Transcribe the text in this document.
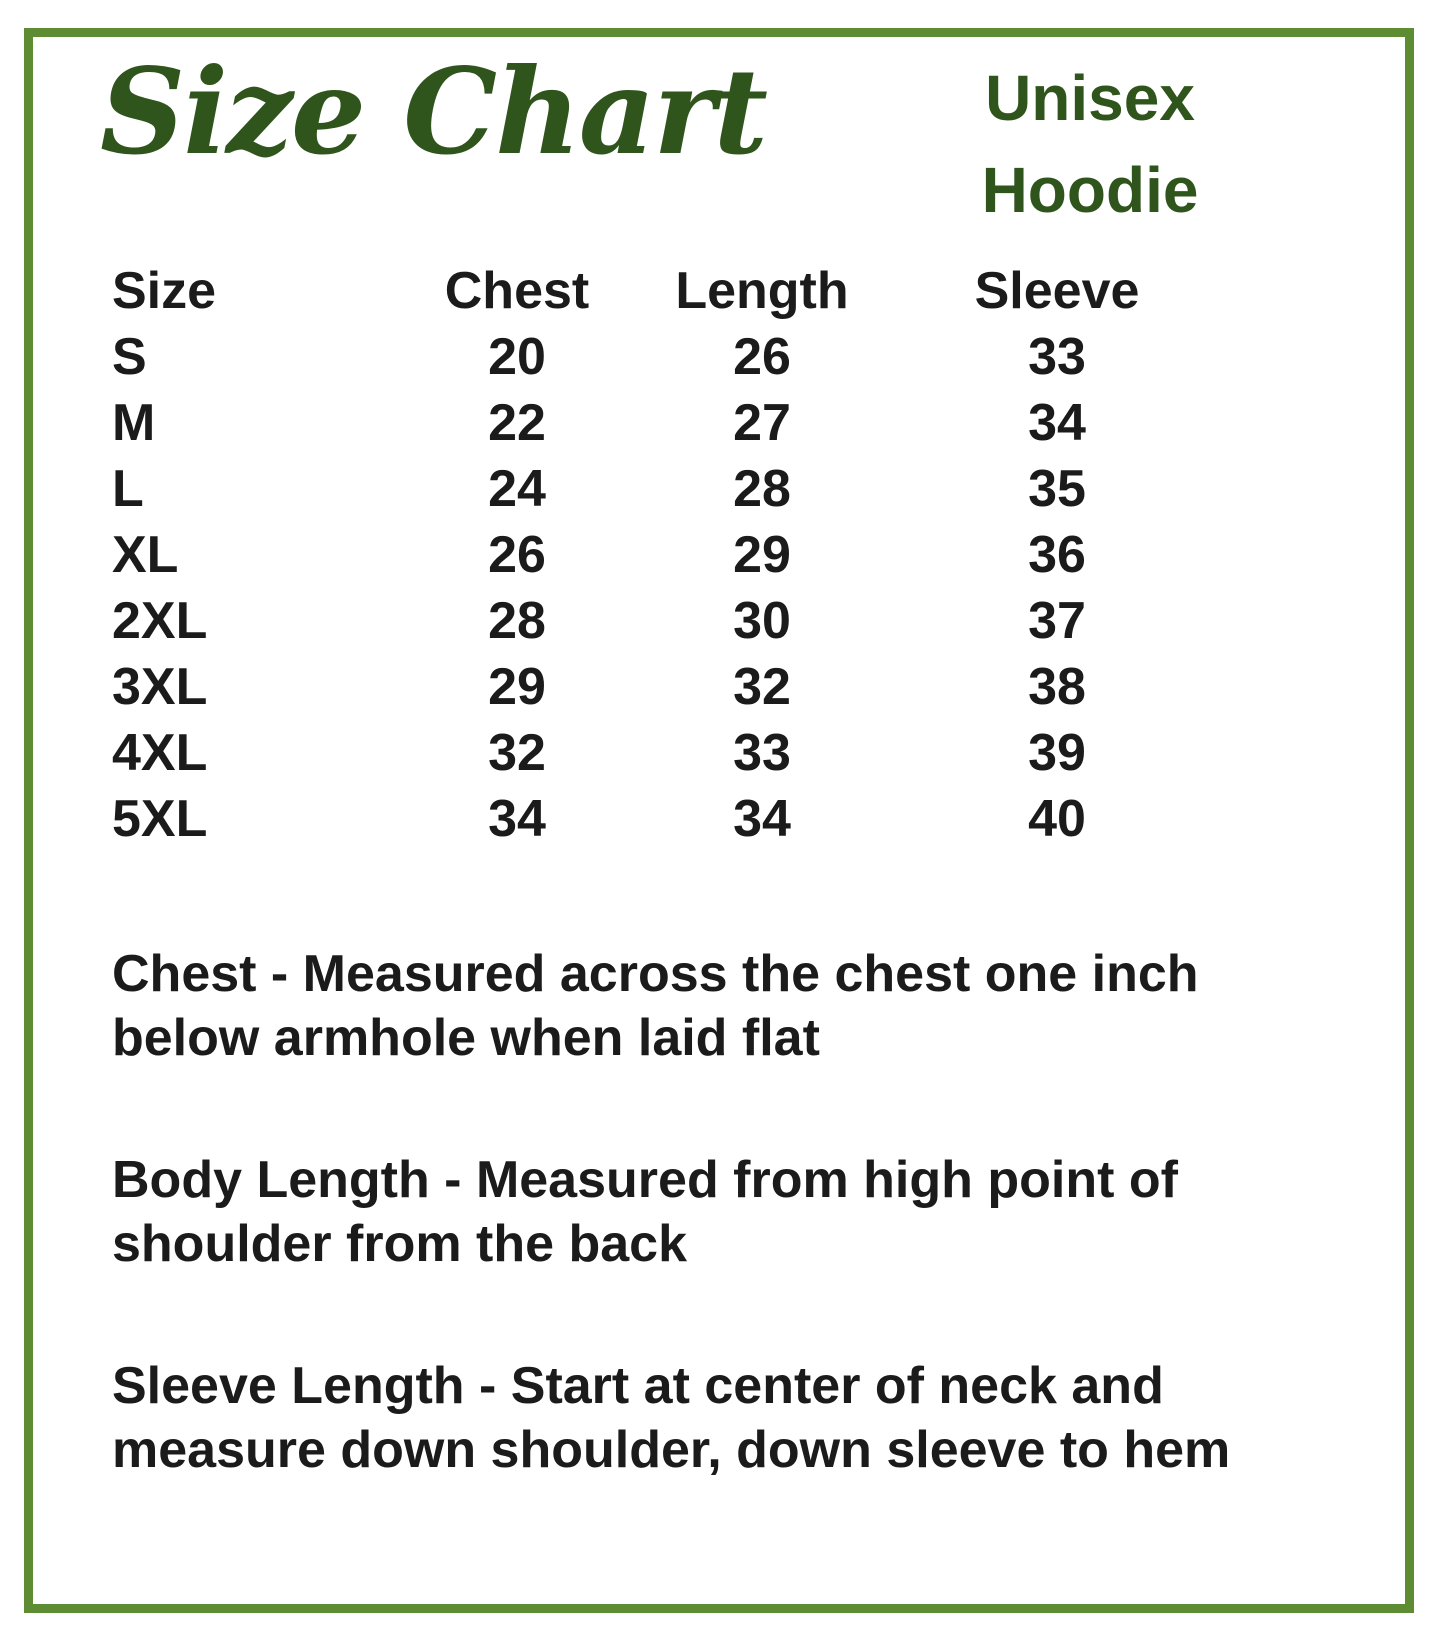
Size Chart	Unisex
Hoodie
Size	Chest	Length	Sleeve
S	20	26	33
M	22	27	34
L	24	28	35
XL	26	29	36
2XL	28	30	37
3XL	29	32	38
4XL	32	33	39
5XL	34	34	40
Chest - Measured across the chest one inch
below armhole when laid flat
Body Length - Measured from high point of
shoulder from the back
Sleeve Length - Start at center of neck and
measure down shoulder, down sleeve to hem
